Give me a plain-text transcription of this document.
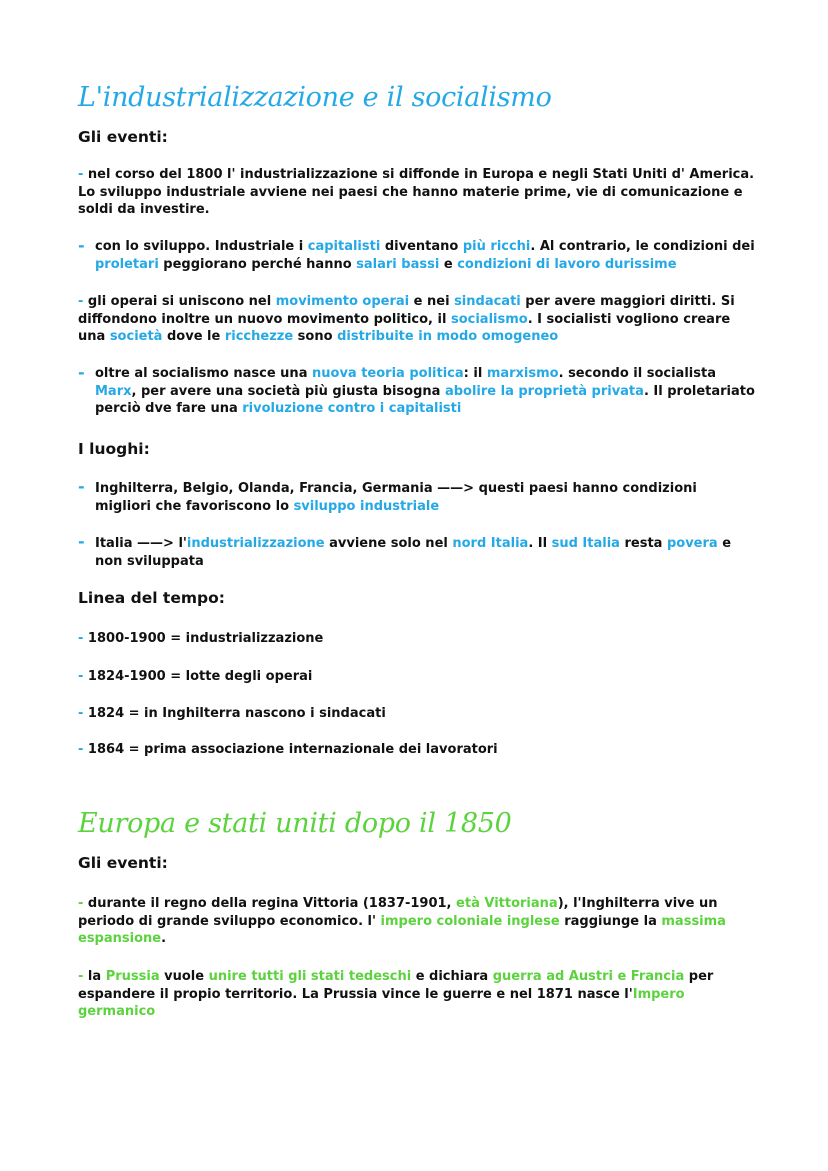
L'industrializzazione e il socialismo
Gli eventi:

- nel corso del 1800 l' industrializzazione si diffonde in Europa e negli Stati Uniti d' America. Lo sviluppo industriale avviene nei paesi che hanno materie prime, vie di comunicazione e soldi da investire.

- con lo sviluppo. Industriale i capitalisti diventano più ricchi. Al contrario, le condizioni dei proletari peggiorano perché hanno salari bassi e condizioni di lavoro durissime

- gli operai si uniscono nel movimento operai e nei sindacati per avere maggiori diritti. Si diffondono inoltre un nuovo movimento politico, il socialismo. I socialisti vogliono creare una società dove le ricchezze sono distribuite in modo omogeneo

- oltre al socialismo nasce una nuova teoria politica: il marxismo. secondo il socialista Marx, per avere una società più giusta bisogna abolire la proprietà privata. Il proletariato perciò dve fare una rivoluzione contro i capitalisti

I luoghi:
- Inghilterra, Belgio, Olanda, Francia, Germania ——> questi paesi hanno condizioni migliori che favoriscono lo sviluppo industriale

- Italia ——> l'industrializzazione avviene solo nel nord Italia. Il sud Italia resta povera e non sviluppata

Linea del tempo:
- 1800-1900 = industrializzazione
- 1824-1900 = lotte degli operai
- 1824 = in Inghilterra nascono i sindacati
- 1864 = prima associazione internazionale dei lavoratori
Europa e stati uniti dopo il 1850
Gli eventi:

- durante il regno della regina Vittoria (1837-1901, età Vittoriana), l'Inghilterra vive un periodo di grande sviluppo economico. l' impero coloniale inglese raggiunge la massima espansione.

- la Prussia vuole unire tutti gli stati tedeschi e dichiara guerra ad Austri e Francia per espandere il propio territorio. La Prussia vince le guerre e nel 1871 nasce l'Impero germanico
